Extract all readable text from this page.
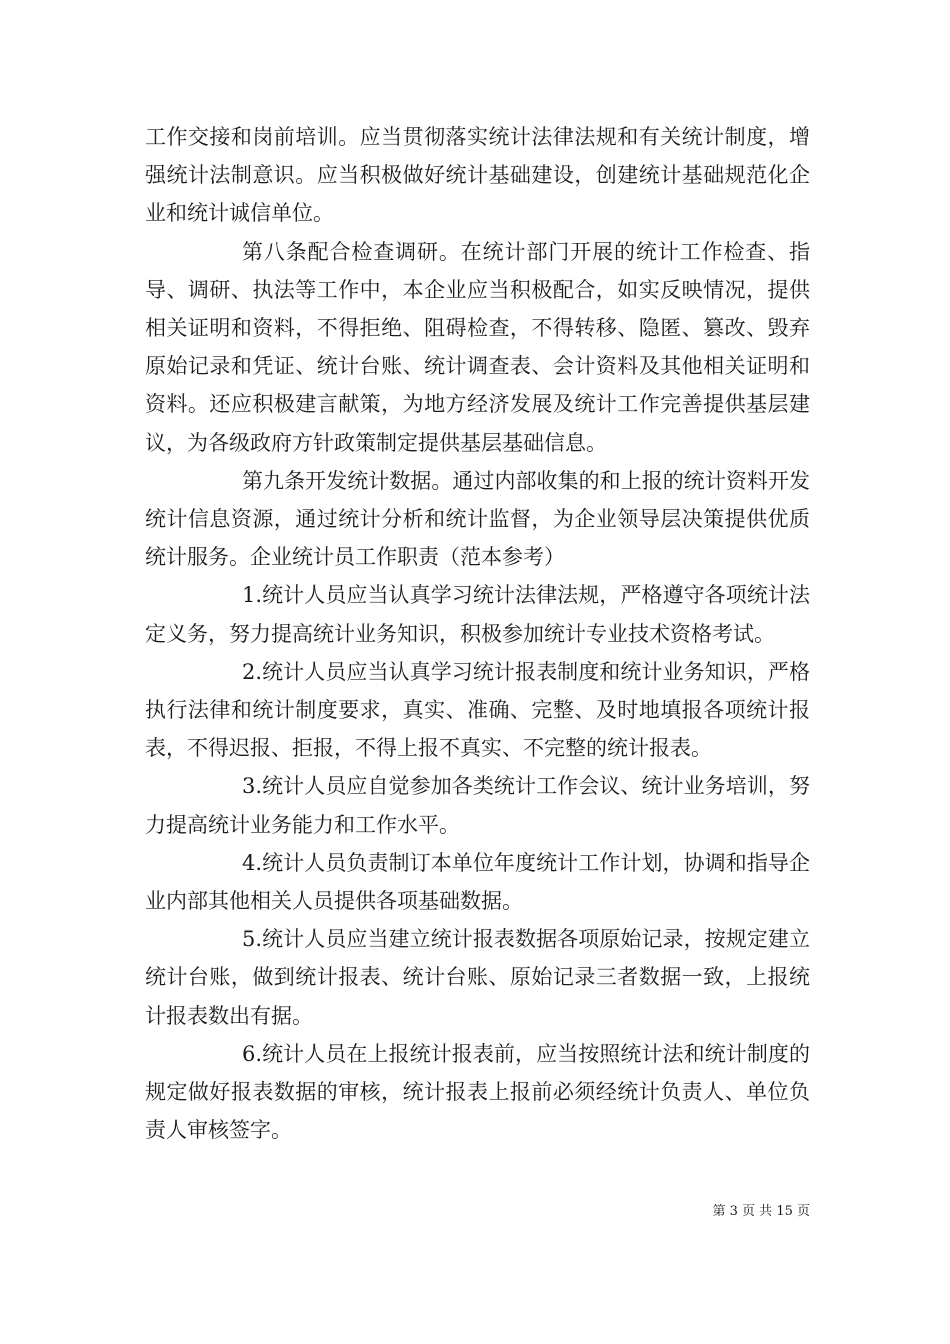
工作交接和岗前培训。应当贯彻落实统计法律法规和有关统计制度，增强统计法制意识。应当积极做好统计基础建设，创建统计基础规范化企业和统计诚信单位。

第八条配合检查调研。在统计部门开展的统计工作检查、指导、调研、执法等工作中，本企业应当积极配合，如实反映情况，提供相关证明和资料，不得拒绝、阻碍检查，不得转移、隐匿、篡改、毁弃原始记录和凭证、统计台账、统计调查表、会计资料及其他相关证明和资料。还应积极建言献策，为地方经济发展及统计工作完善提供基层建议，为各级政府方针政策制定提供基层基础信息。

第九条开发统计数据。通过内部收集的和上报的统计资料开发统计信息资源，通过统计分析和统计监督，为企业领导层决策提供优质统计服务。企业统计员工作职责（范本参考）

1.统计人员应当认真学习统计法律法规，严格遵守各项统计法定义务，努力提高统计业务知识，积极参加统计专业技术资格考试。

2.统计人员应当认真学习统计报表制度和统计业务知识，严格执行法律和统计制度要求，真实、准确、完整、及时地填报各项统计报表，不得迟报、拒报，不得上报不真实、不完整的统计报表。

3.统计人员应自觉参加各类统计工作会议、统计业务培训，努力提高统计业务能力和工作水平。

4.统计人员负责制订本单位年度统计工作计划，协调和指导企业内部其他相关人员提供各项基础数据。

5.统计人员应当建立统计报表数据各项原始记录，按规定建立统计台账，做到统计报表、统计台账、原始记录三者数据一致，上报统计报表数出有据。

6.统计人员在上报统计报表前，应当按照统计法和统计制度的规定做好报表数据的审核，统计报表上报前必须经统计负责人、单位负责人审核签字。

第 3 页 共 15 页
